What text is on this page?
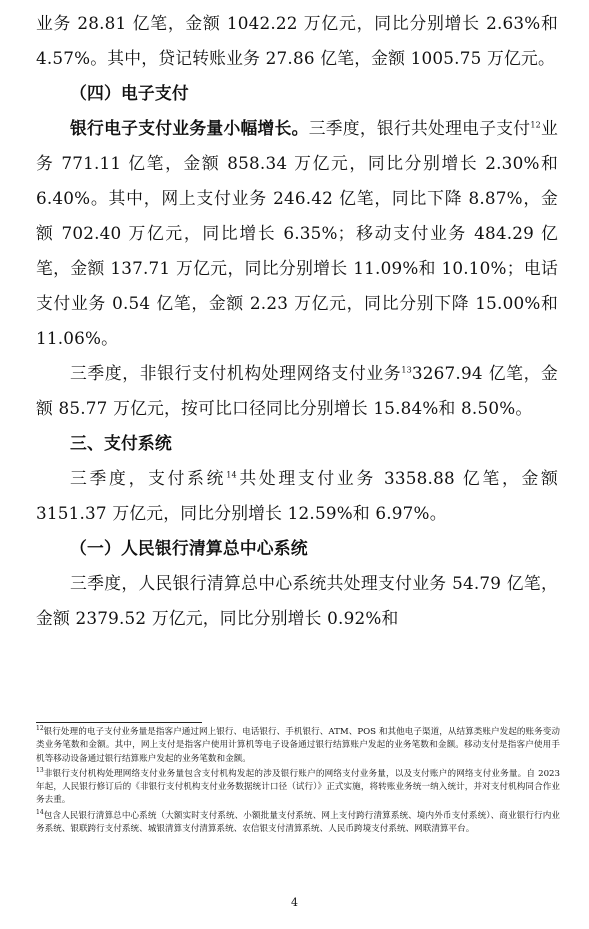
业务 28.81 亿笔，金额 1042.22 万亿元，同比分别增长 2.63%和 4.57%。其中，贷记转账业务 27.86 亿笔，金额 1005.75 万亿元。

（四）电子支付

银行电子支付业务量小幅增长。三季度，银行共处理电子支付$^{12}$业务 771.11 亿笔，金额 858.34 万亿元，同比分别增长 2.30%和 6.40%。其中，网上支付业务 246.42 亿笔，同比下降 8.87%，金额 702.40 万亿元，同比增长 6.35%；移动支付业务 484.29 亿笔，金额 137.71 万亿元，同比分别增长 11.09%和 10.10%；电话支付业务 0.54 亿笔，金额 2.23 万亿元，同比分别下降 15.00%和 11.06%。

三季度，非银行支付机构处理网络支付业务$^{13}$3267.94 亿笔，金额 85.77 万亿元，按可比口径同比分别增长 15.84%和 8.50%。

三、支付系统

三季度，支付系统$^{14}$共处理支付业务 3358.88 亿笔，金额 3151.37 万亿元，同比分别增长 12.59%和 6.97%。

（一）人民银行清算总中心系统

三季度，人民银行清算总中心系统共处理支付业务 54.79 亿笔，金额 2379.52 万亿元，同比分别增长 0.92%和

$^{12}$银行处理的电子支付业务量是指客户通过网上银行、电话银行、手机银行、ATM、POS 和其他电子渠道，从结算类账户发起的账务变动类业务笔数和金额。其中，网上支付是指客户使用计算机等电子设备通过银行结算账户发起的业务笔数和金额。移动支付是指客户使用手机等移动设备通过银行结算账户发起的业务笔数和金额。

$^{13}$非银行支付机构处理网络支付业务量包含支付机构发起的涉及银行账户的网络支付业务量，以及支付账户的网络支付业务量。自 2023 年起，人民银行修订后的《非银行支付机构支付业务数据统计口径（试行）》正式实施，将转账业务统一纳入统计，并对支付机构同合作业务去重。

$^{14}$包含人民银行清算总中心系统（大额实时支付系统、小额批量支付系统、网上支付跨行清算系统、境内外币支付系统）、商业银行行内业务系统、银联跨行支付系统、城银清算支付清算系统、农信银支付清算系统、人民币跨境支付系统、网联清算平台。

4
